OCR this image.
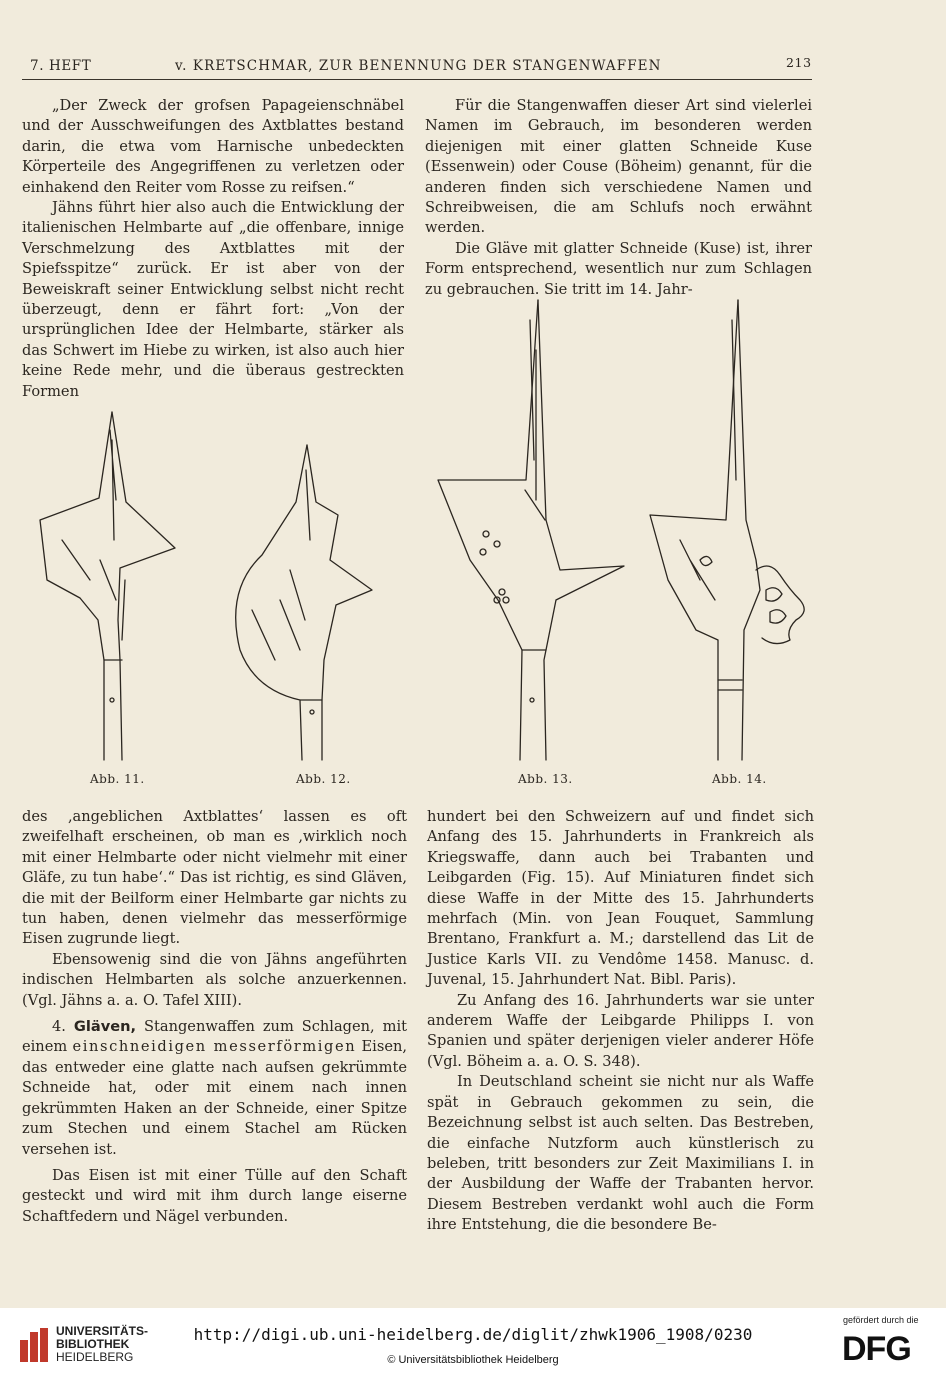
7. HEFT	v. KRETSCHMAR, ZUR BENENNUNG DER STANGENWAFFEN	213

„Der Zweck der grofsen Papageienschnäbel und der Ausschweifungen des Axtblattes bestand darin, die etwa vom Harnische unbedeckten Körperteile des Angegriffenen zu verletzen oder einhakend den Reiter vom Rosse zu reifsen.“

Jähns führt hier also auch die Entwicklung der italienischen Helmbarte auf „die offenbare, innige Verschmelzung des Axtblattes mit der Spiefsspitze“ zurück. Er ist aber von der Beweiskraft seiner Entwicklung selbst nicht recht überzeugt, denn er fährt fort: „Von der ursprünglichen Idee der Helmbarte, stärker als das Schwert im Hiebe zu wirken, ist also auch hier keine Rede mehr, und die überaus gestreckten Formen

Für die Stangenwaffen dieser Art sind vielerlei Namen im Gebrauch, im besonderen werden diejenigen mit einer glatten Schneide Kuse (Essenwein) oder Couse (Böheim) genannt, für die anderen finden sich verschiedene Namen und Schreibweisen, die am Schlufs noch erwähnt werden.

Die Gläve mit glatter Schneide (Kuse) ist, ihrer Form entsprechend, wesentlich nur zum Schlagen zu gebrauchen. Sie tritt im 14. Jahr-

Abb. 11.	Abb. 12.	Abb. 13.	Abb. 14.

des ‚angeblichen Axtblattes‘ lassen es oft zweifelhaft erscheinen, ob man es ‚wirklich noch mit einer Helmbarte oder nicht vielmehr mit einer Gläfe, zu tun habe‘.“ Das ist richtig, es sind Gläven, die mit der Beilform einer Helmbarte gar nichts zu tun haben, denen vielmehr das messerförmige Eisen zugrunde liegt.

Ebensowenig sind die von Jähns angeführten indischen Helmbarten als solche anzuerkennen. (Vgl. Jähns a. a. O. Tafel XIII).

4. Gläven, Stangenwaffen zum Schlagen, mit einem einschneidigen messerförmigen Eisen, das entweder eine glatte nach aufsen gekrümmte Schneide hat, oder mit einem nach innen gekrümmten Haken an der Schneide, einer Spitze zum Stechen und einem Stachel am Rücken versehen ist.

Das Eisen ist mit einer Tülle auf den Schaft gesteckt und wird mit ihm durch lange eiserne Schaftfedern und Nägel verbunden.

hundert bei den Schweizern auf und findet sich Anfang des 15. Jahrhunderts in Frankreich als Kriegswaffe, dann auch bei Trabanten und Leibgarden (Fig. 15). Auf Miniaturen findet sich diese Waffe in der Mitte des 15. Jahrhunderts mehrfach (Min. von Jean Fouquet, Sammlung Brentano, Frankfurt a. M.; darstellend das Lit de Justice Karls VII. zu Vendôme 1458. Manusc. d. Juvenal, 15. Jahrhundert Nat. Bibl. Paris).

Zu Anfang des 16. Jahrhunderts war sie unter anderem Waffe der Leibgarde Philipps I. von Spanien und später derjenigen vieler anderer Höfe (Vgl. Böheim a. a. O. S. 348).

In Deutschland scheint sie nicht nur als Waffe spät in Gebrauch gekommen zu sein, die Bezeichnung selbst ist auch selten. Das Bestreben, die einfache Nutzform auch künstlerisch zu beleben, tritt besonders zur Zeit Maximilians I. in der Ausbildung der Waffe der Trabanten hervor. Diesem Bestreben verdankt wohl auch die Form ihre Entstehung, die die besondere Be-

UNIVERSITÄTS-
BIBLIOTHEK
HEIDELBERG
http://digi.ub.uni-heidelberg.de/diglit/zhwk1906_1908/0230
© Universitätsbibliothek Heidelberg
gefördert durch die
DFG
